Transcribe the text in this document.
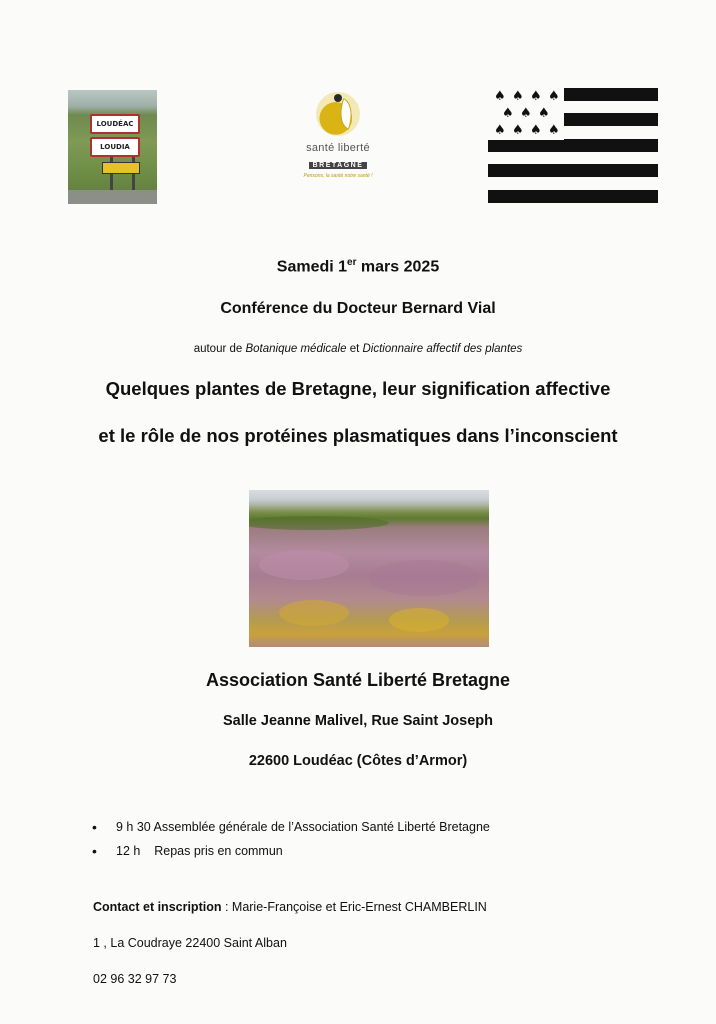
LOUDÉAC
LOUDIA	santé liberté
BRETAGNE
Pensons, la santé notre santé !
♠ ♠ ♠ ♠
♠ ♠ ♠
♠ ♠ ♠ ♠
Samedi 1er mars 2025
Conférence du Docteur Bernard Vial
autour de Botanique médicale et Dictionnaire affectif des plantes
Quelques plantes de Bretagne, leur signification affective
et le rôle de nos protéines plasmatiques dans l’inconscient
Association Santé Liberté Bretagne
Salle Jeanne Malivel, Rue Saint Joseph
22600 Loudéac (Côtes d’Armor)
• 9 h 30 Assemblée générale de l’Association Santé Liberté Bretagne
• 12 h    Repas pris en commun
Contact et inscription : Marie-Françoise et Eric-Ernest CHAMBERLIN
1 , La Coudraye 22400 Saint Alban
02 96 32 97 73
